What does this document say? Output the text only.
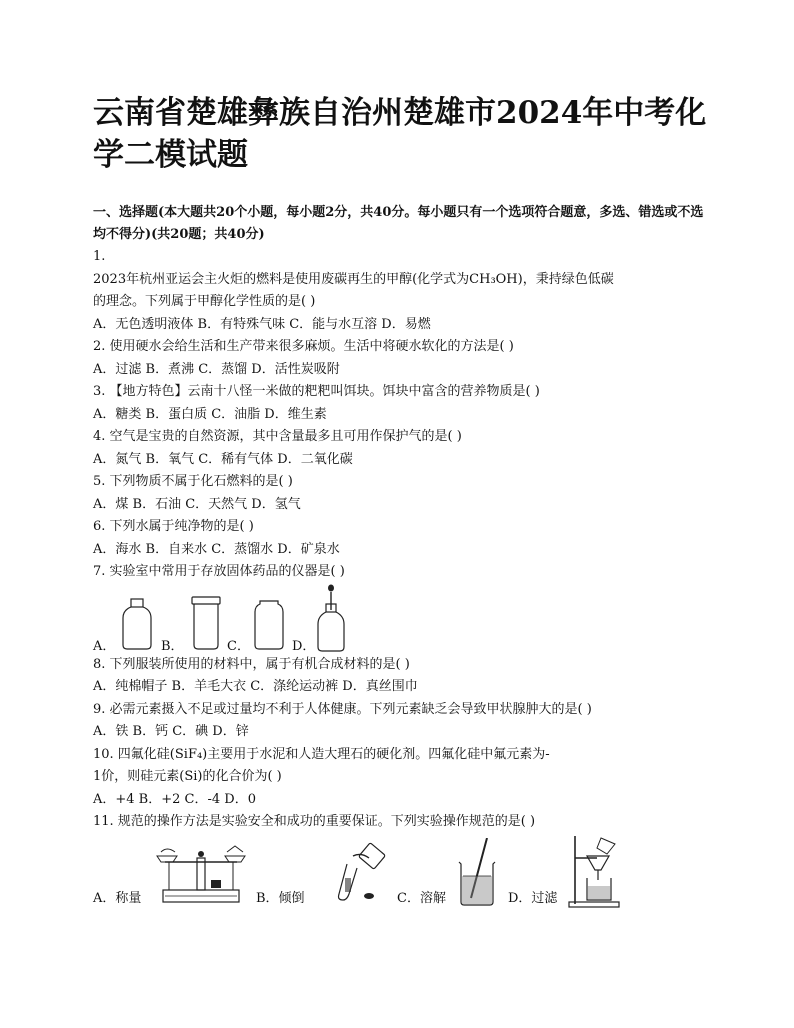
云南省楚雄彝族自治州楚雄市2024年中考化学二模试题
一、选择题(本大题共20个小题，每小题2分，共40分。每小题只有一个选项符合题意，多选、错选或不选均不得分)(共20题；共40分)
1.
2023年杭州亚运会主火炬的燃料是使用废碳再生的甲醇(化学式为CH₃OH)，秉持绿色低碳
的理念。下列属于甲醇化学性质的是( )
A．无色透明液体 B．有特殊气味 C．能与水互溶 D．易燃
2. 使用硬水会给生活和生产带来很多麻烦。生活中将硬水软化的方法是( )
A．过滤 B．煮沸 C．蒸馏 D．活性炭吸附
3. 【地方特色】云南十八怪一米做的粑粑叫饵块。饵块中富含的营养物质是( )
A．糖类 B．蛋白质 C．油脂 D．维生素
4. 空气是宝贵的自然资源，其中含量最多且可用作保护气的是( )
A．氮气 B．氧气 C．稀有气体 D．二氧化碳
5. 下列物质不属于化石燃料的是( )
A．煤 B．石油 C．天然气 D．氢气
6. 下列水属于纯净物的是( )
A．海水 B．自来水 C．蒸馏水 D．矿泉水
7. 实验室中常用于存放固体药品的仪器是( )
A．	B．	C．	D．
8. 下列服装所使用的材料中，属于有机合成材料的是( )
A．纯棉帽子 B．羊毛大衣 C．涤纶运动裤 D．真丝围巾
9. 必需元素摄入不足或过量均不利于人体健康。下列元素缺乏会导致甲状腺肿大的是( )
A．铁 B．钙 C．碘 D．锌
10. 四氟化硅(SiF₄)主要用于水泥和人造大理石的硬化剂。四氟化硅中氟元素为-
1价，则硅元素(Si)的化合价为( )
A．+4 B．+2 C．-4 D．0
11. 规范的操作方法是实验安全和成功的重要保证。下列实验操作规范的是( )
A．称量	B．倾倒	C．溶解	D．过滤
